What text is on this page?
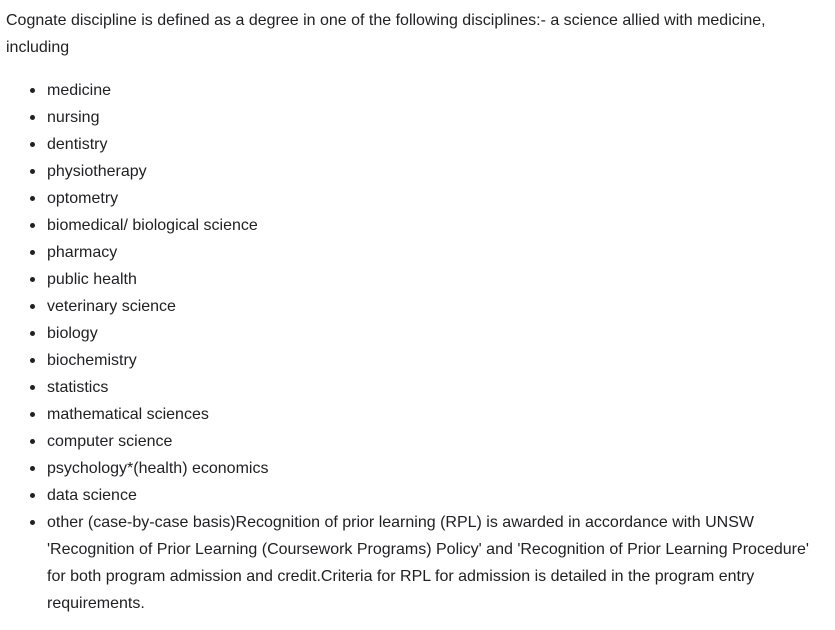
Cognate discipline is defined as a degree in one of the following disciplines:- a science allied with medicine, including

medicine
nursing
dentistry
physiotherapy
optometry
biomedical/ biological science
pharmacy
public health
veterinary science
biology
biochemistry
statistics
mathematical sciences
computer science
psychology*(health) economics
data science
other (case-by-case basis)Recognition of prior learning (RPL) is awarded in accordance with UNSW 'Recognition of Prior Learning (Coursework Programs) Policy' and 'Recognition of Prior Learning Procedure' for both program admission and credit.Criteria for RPL for admission is detailed in the program entry requirements.
